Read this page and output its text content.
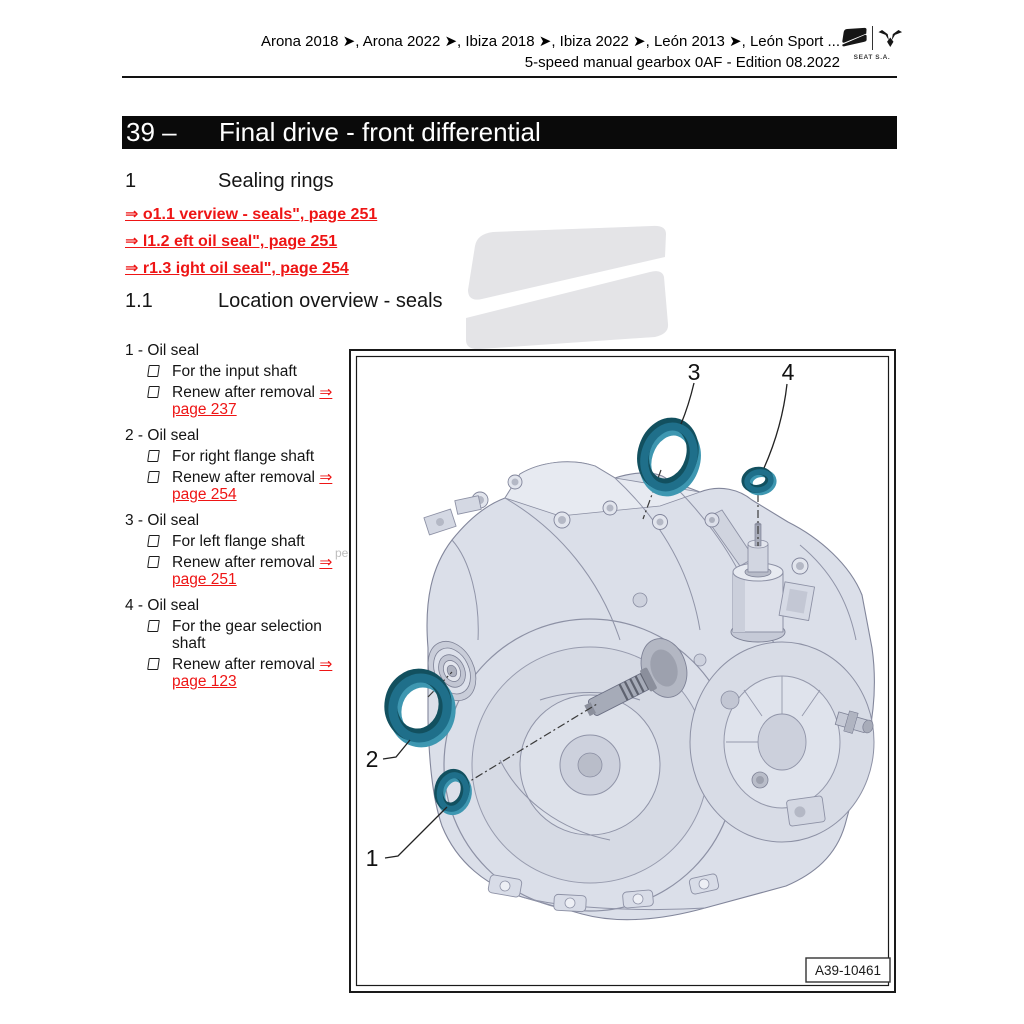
Arona 2018 ➤, Arona 2022 ➤, Ibiza 2018 ➤, Ibiza 2022 ➤, León 2013 ➤, León Sport ...
5-speed manual gearbox 0AF - Edition 08.2022	SEAT S.A.
39 – Final drive - front differential
1	Sealing rings
⇒ o1.1 verview - seals", page 251
⇒ l1.2 eft oil seal", page 251
⇒ r1.3 ight oil seal", page 254
1.1	Location overview - seals
1 - Oil seal
For the input shaft
Renew after removal ⇒
page 237
2 - Oil seal
For right flange shaft
Renew after removal ⇒
page 254
3 - Oil seal
For left flange shaft
Renew after removal ⇒
page 251
4 - Oil seal
For the gear selection shaft
Renew after removal ⇒
page 123
pe
3	4
2
1
A39-10461
